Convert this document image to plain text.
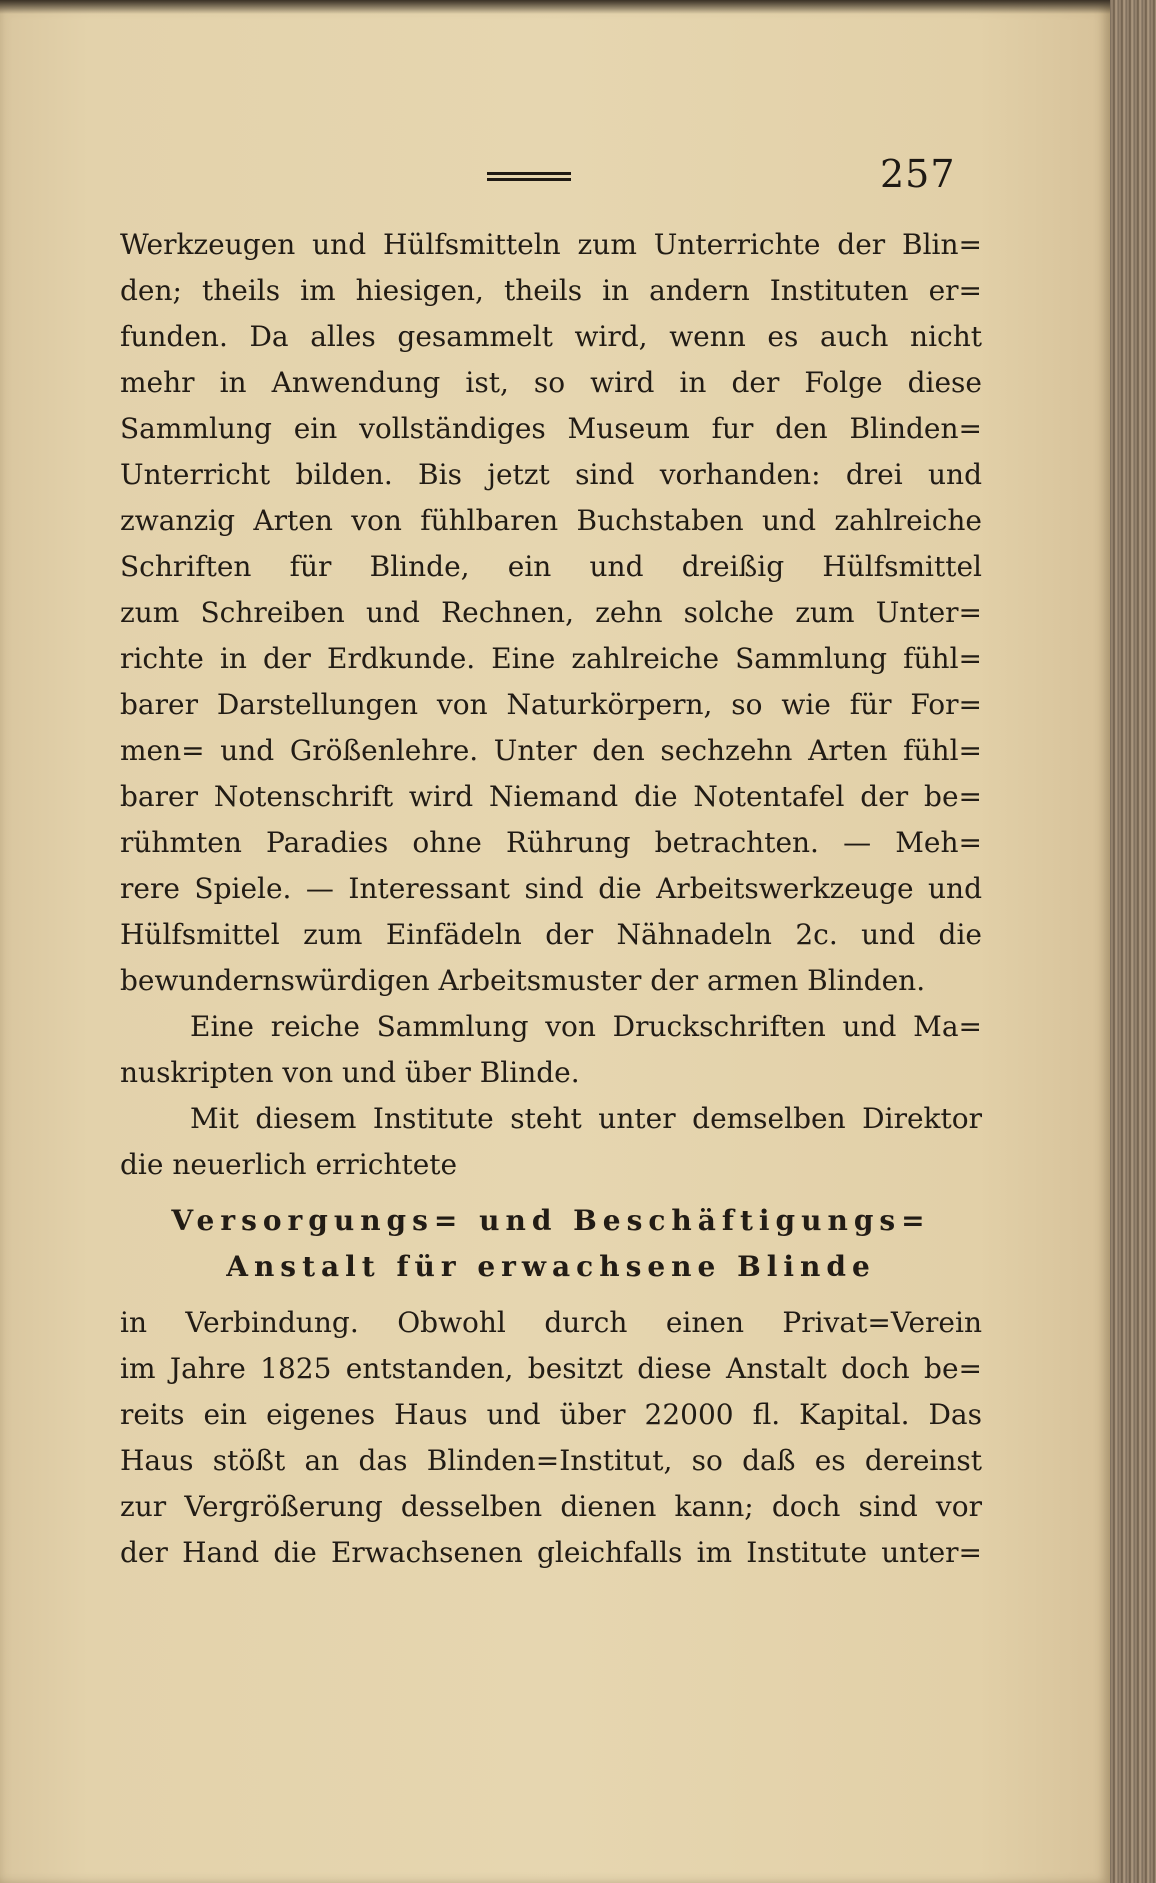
257
Werkzeugen und Hülfsmitteln zum Unterrichte der Blin=
den; theils im hiesigen, theils in andern Instituten er=
funden. Da alles gesammelt wird, wenn es auch nicht
mehr in Anwendung ist, so wird in der Folge diese
Sammlung ein vollständiges Museum fur den Blinden=
Unterricht bilden. Bis jetzt sind vorhanden: drei und
zwanzig Arten von fühlbaren Buchstaben und zahlreiche
Schriften für Blinde, ein und dreißig Hülfsmittel
zum Schreiben und Rechnen, zehn solche zum Unter=
richte in der Erdkunde. Eine zahlreiche Sammlung fühl=
barer Darstellungen von Naturkörpern, so wie für For=
men= und Größenlehre. Unter den sechzehn Arten fühl=
barer Notenschrift wird Niemand die Notentafel der be=
rühmten Paradies ohne Rührung betrachten. — Meh=
rere Spiele. — Interessant sind die Arbeitswerkzeuge und
Hülfsmittel zum Einfädeln der Nähnadeln 2c. und die
bewundernswürdigen Arbeitsmuster der armen Blinden.
Eine reiche Sammlung von Druckschriften und Ma=
nuskripten von und über Blinde.
Mit diesem Institute steht unter demselben Direktor
die neuerlich errichtete
Versorgungs= und Beschäftigungs=
Anstalt für erwachsene Blinde
in Verbindung. Obwohl durch einen Privat=Verein
im Jahre 1825 entstanden, besitzt diese Anstalt doch be=
reits ein eigenes Haus und über 22000 fl. Kapital. Das
Haus stößt an das Blinden=Institut, so daß es dereinst
zur Vergrößerung desselben dienen kann; doch sind vor
der Hand die Erwachsenen gleichfalls im Institute unter=
